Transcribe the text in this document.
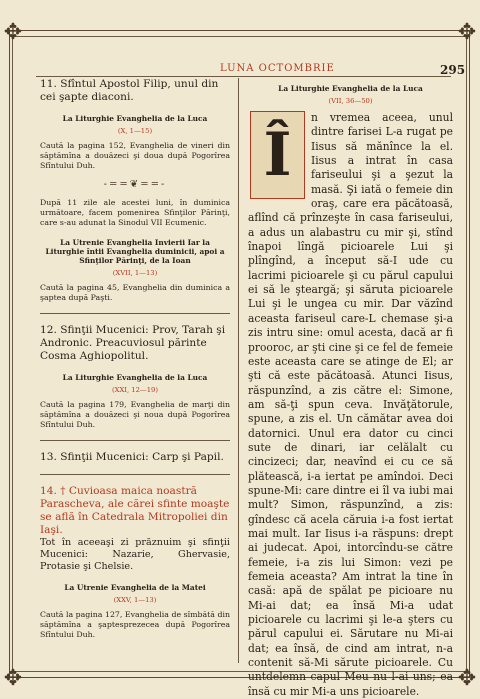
✥	✥
✥	✥
LUNA OCTOMBRIE	295

11. Sfîntul Apostol Filip, unul din cei şapte diaconi.

La Liturghie Evanghelia de la Luca

(X, 1—15)

Caută la pagina 152, Evanghelia de vineri din săptămîna a douăzeci şi doua după Pogorîrea Sfîntului Duh.

-==❦==-

După 11 zile ale acestei luni, în duminica următoare, facem pomenirea Sfinţilor Părinţi, care s-au adunat la Sinodul VII Ecumenic.

La Utrenie Evanghelia Invierii Iar la Liturghie întii Evanghelia duminicii, apoi a Sfinţilor Părinţi, de la Ioan

(XVII, 1—13)

Caută la pagina 45, Evanghelia din duminica a şaptea după Paşti.

12. Sfinţii Mucenici: Prov, Tarah şi Andronic. Preacuviosul părinte Cosma Aghiopolitul.

La Liturghie Evanghelia de la Luca

(XXI, 12—19)

Caută la pagina 179, Evanghelia de marţi din săptămîna a douăzeci şi noua după Pogorîrea Sfîntului Duh.

13. Sfinţii Mucenici: Carp şi Papil.

14. † Cuvioasa maica noastră Parascheva, ale cărei sfinte moaşte se află în Catedrala Mitropoliei din Iaşi.

Tot în aceeaşi zi prăznuim şi sfinţii Mucenici: Nazarie, Ghervasie, Protasie şi Chelsie.

La Utrenie Evanghelia de la Matei

(XXV, 1—13)

Caută la pagina 127, Evanghelia de sîmbătă din săptămîna a şaptesprezecea după Pogorîrea Sfîntului Duh.

La Liturghie Evanghelia de la Luca

(VII, 36—50)

Î

n vremea aceea, unul dintre farisei L-a rugat pe Iisus să mănînce la el. Iisus a intrat în casa fariseului şi a şezut la masă. Şi iată o femeie din oraş, care era păcătoasă, aflînd că prînzeşte în casa fariseului, a adus un alabastru cu mir şi, stînd înapoi lîngă picioarele Lui şi plîngînd, a început să-I ude cu lacrimi picioarele şi cu părul capului ei să le şteargă; şi săruta picioarele Lui şi le ungea cu mir. Dar văzînd aceasta fariseul care-L chemase şi-a zis intru sine: omul acesta, dacă ar fi prooroc, ar şti cine şi ce fel de femeie este aceasta care se atinge de El; ar şti că este păcătoasă. Atunci Iisus, răspunzînd, a zis către el: Simone, am să-ţi spun ceva. Invăţătorule, spune, a zis el. Un cămătar avea doi datornici. Unul era dator cu cinci sute de dinari, iar celălalt cu cincizeci; dar, neavînd ei cu ce să plătească, i-a iertat pe amîndoi. Deci spune-Mi: care dintre ei îl va iubi mai mult? Simon, răspunzînd, a zis: gîndesc că acela căruia i-a fost iertat mai mult. Iar Iisus i-a răspuns: drept ai judecat. Apoi, intorcîndu-se către femeie, i-a zis lui Simon: vezi pe femeia aceasta? Am intrat la tine în casă: apă de spălat pe picioare nu Mi-ai dat; ea însă Mi-a udat picioarele cu lacrimi şi le-a şters cu părul capului ei. Sărutare nu Mi-ai dat; ea însă, de cind am intrat, n-a contenit să-Mi sărute picioarele. Cu untdelemn capul Meu nu l-ai uns; ea însă cu mir Mi-a uns picioarele.
